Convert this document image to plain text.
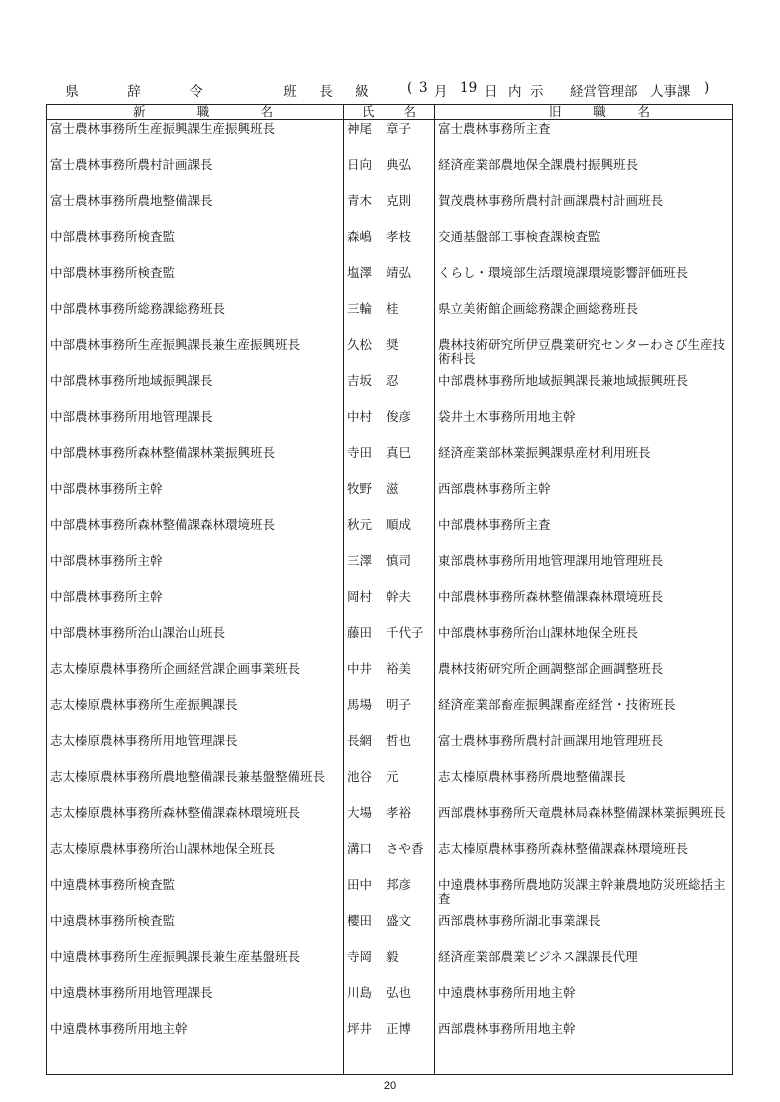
県	辞	令	班 長 級	( 3 月 19 日 内 示 経営管理部 人事課 )
新 職 名	氏 名	旧 職 名

富士農林事務所生産振興課生産振興班長	神尾 章子	富士農林事務所主査
富士農林事務所農村計画課長	日向 典弘	経済産業部農地保全課農村振興班長
富士農林事務所農地整備課長	青木 克則	賀茂農林事務所農村計画課農村計画班長
中部農林事務所検査監	森嶋 孝枝	交通基盤部工事検査課検査監
中部農林事務所検査監	塩澤 靖弘	くらし・環境部生活環境課環境影響評価班長
中部農林事務所総務課総務班長	三輪 桂	県立美術館企画総務課企画総務班長
中部農林事務所生産振興課長兼生産振興班長	久松 奨	農林技術研究所伊豆農業研究センターわさび生産技術科長
中部農林事務所地域振興課長	吉坂 忍	中部農林事務所地域振興課長兼地域振興班長
中部農林事務所用地管理課長	中村 俊彦	袋井土木事務所用地主幹
中部農林事務所森林整備課林業振興班長	寺田 真巳	経済産業部林業振興課県産材利用班長
中部農林事務所主幹	牧野 滋	西部農林事務所主幹
中部農林事務所森林整備課森林環境班長	秋元 順成	中部農林事務所主査
中部農林事務所主幹	三澤 慎司	東部農林事務所用地管理課用地管理班長
中部農林事務所主幹	岡村 幹夫	中部農林事務所森林整備課森林環境班長
中部農林事務所治山課治山班長	藤田 千代子	中部農林事務所治山課林地保全班長
志太榛原農林事務所企画経営課企画事業班長	中井 裕美	農林技術研究所企画調整部企画調整班長
志太榛原農林事務所生産振興課長	馬場 明子	経済産業部畜産振興課畜産経営・技術班長
志太榛原農林事務所用地管理課長	長網 哲也	富士農林事務所農村計画課用地管理班長
志太榛原農林事務所農地整備課長兼基盤整備班長	池谷 元	志太榛原農林事務所農地整備課長
志太榛原農林事務所森林整備課森林環境班長	大場 孝裕	西部農林事務所天竜農林局森林整備課林業振興班長
志太榛原農林事務所治山課林地保全班長	溝口 さや香	志太榛原農林事務所森林整備課森林環境班長
中遠農林事務所検査監	田中 邦彦	中遠農林事務所農地防災課主幹兼農地防災班総括主査
中遠農林事務所検査監	櫻田 盛文	西部農林事務所湖北事業課長
中遠農林事務所生産振興課長兼生産基盤班長	寺岡 毅	経済産業部農業ビジネス課課長代理
中遠農林事務所用地管理課長	川島 弘也	中遠農林事務所用地主幹
中遠農林事務所用地主幹	坪井 正博	西部農林事務所用地主幹
20
